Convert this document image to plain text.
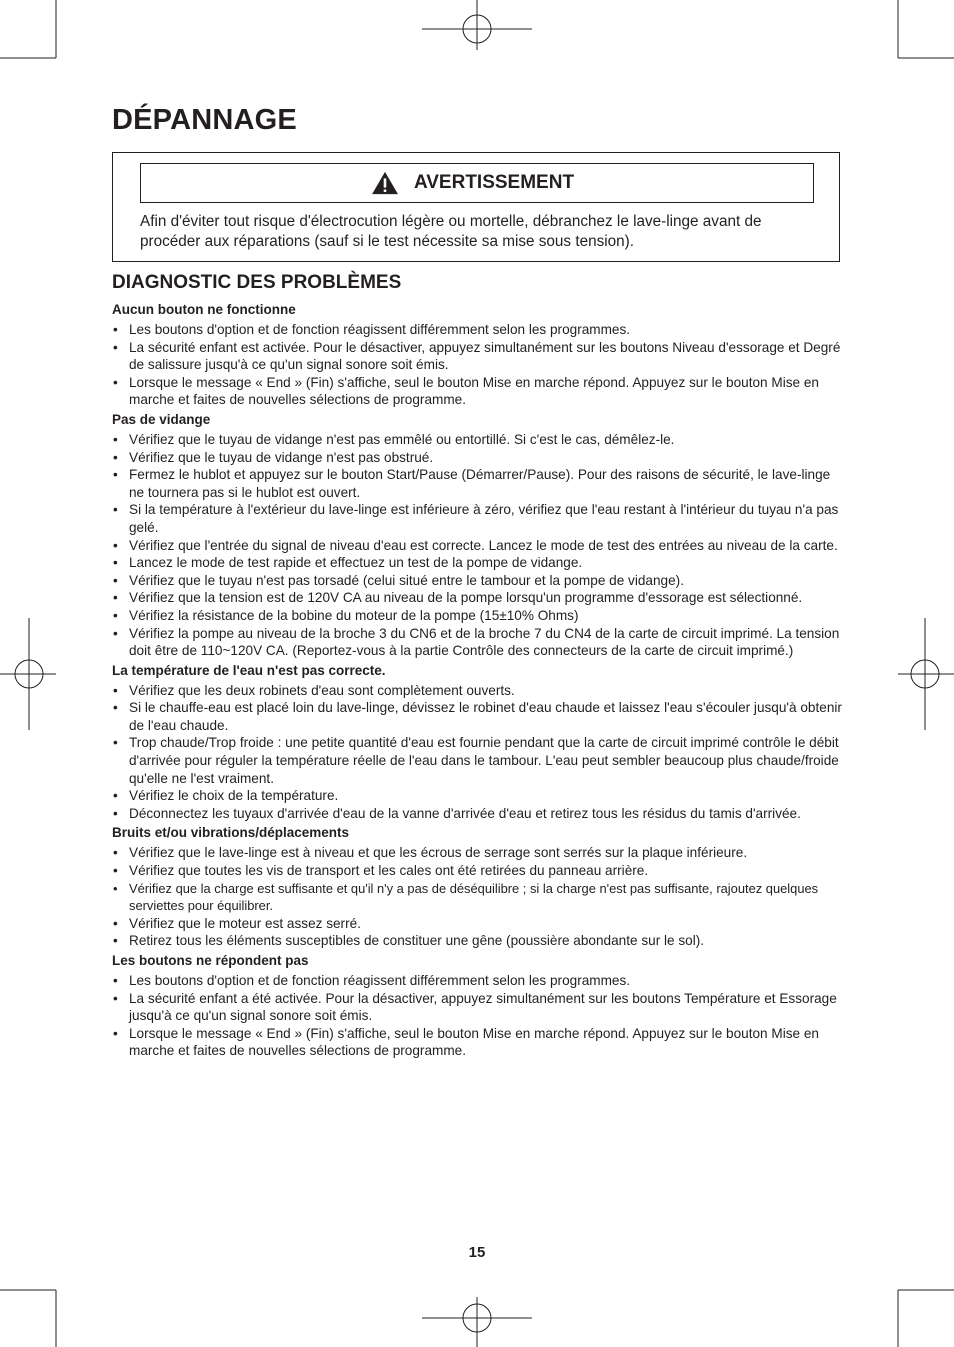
DÉPANNAGE
AVERTISSEMENT
Afin d'éviter tout risque d'électrocution légère ou mortelle, débranchez le lave-linge avant de procéder aux réparations (sauf si le test nécessite sa mise sous tension).
DIAGNOSTIC DES PROBLÈMES
Aucun bouton ne fonctionne
• Les boutons d'option et de fonction réagissent différemment selon les programmes.
• La sécurité enfant est activée. Pour le désactiver, appuyez simultanément sur les boutons Niveau d'essorage et Degré de salissure jusqu'à ce qu'un signal sonore soit émis.
• Lorsque le message « End » (Fin) s'affiche, seul le bouton Mise en marche répond. Appuyez sur le bouton Mise en marche et faites de nouvelles sélections de programme.
Pas de vidange
• Vérifiez que le tuyau de vidange n'est pas emmêlé ou entortillé. Si c'est le cas, démêlez-le.
• Vérifiez que le tuyau de vidange n'est pas obstrué.
• Fermez le hublot et appuyez sur le bouton Start/Pause (Démarrer/Pause). Pour des raisons de sécurité, le lave-linge ne tournera pas si le hublot est ouvert.
• Si la température à l'extérieur du lave-linge est inférieure à zéro, vérifiez que l'eau restant à l'intérieur du tuyau n'a pas gelé.
• Vérifiez que l'entrée du signal de niveau d'eau est correcte. Lancez le mode de test des entrées au niveau de la carte.
• Lancez le mode de test rapide et effectuez un test de la pompe de vidange.
• Vérifiez que le tuyau n'est pas torsadé (celui situé entre le tambour et la pompe de vidange).
• Vérifiez que la tension est de 120V CA au niveau de la pompe lorsqu'un programme d'essorage est sélectionné.
• Vérifiez la résistance de la bobine du moteur de la pompe (15±10% Ohms)
• Vérifiez la pompe au niveau de la broche 3 du CN6 et de la broche 7 du CN4 de la carte de circuit imprimé. La tension doit être de 110~120V CA. (Reportez-vous à la partie Contrôle des connecteurs de la carte de circuit imprimé.)
La température de l'eau n'est pas correcte.
• Vérifiez que les deux robinets d'eau sont complètement ouverts.
• Si le chauffe-eau est placé loin du lave-linge, dévissez le robinet d'eau chaude et laissez l'eau s'écouler jusqu'à obtenir de l'eau chaude.
• Trop chaude/Trop froide : une petite quantité d'eau est fournie pendant que la carte de circuit imprimé contrôle le débit d'arrivée pour réguler la température réelle de l'eau dans le tambour. L'eau peut sembler beaucoup plus chaude/froide qu'elle ne l'est vraiment.
• Vérifiez le choix de la température.
• Déconnectez les tuyaux d'arrivée d'eau de la vanne d'arrivée d'eau et retirez tous les résidus du tamis d'arrivée.
Bruits et/ou vibrations/déplacements
• Vérifiez que le lave-linge est à niveau et que les écrous de serrage sont serrés sur la plaque inférieure.
• Vérifiez que toutes les vis de transport et les cales ont été retirées du panneau arrière.
• Vérifiez que la charge est suffisante et qu'il n'y a pas de déséquilibre ; si la charge n'est pas suffisante, rajoutez quelques serviettes pour équilibrer.
• Vérifiez que le moteur est assez serré.
• Retirez tous les éléments susceptibles de constituer une gêne (poussière abondante sur le sol).
Les boutons ne répondent pas
• Les boutons d'option et de fonction réagissent différemment selon les programmes.
• La sécurité enfant a été activée. Pour la désactiver, appuyez simultanément sur les boutons Température et Essorage jusqu'à ce qu'un signal sonore soit émis.
• Lorsque le message « End » (Fin) s'affiche, seul le bouton Mise en marche répond. Appuyez sur le bouton Mise en marche et faites de nouvelles sélections de programme.
15
